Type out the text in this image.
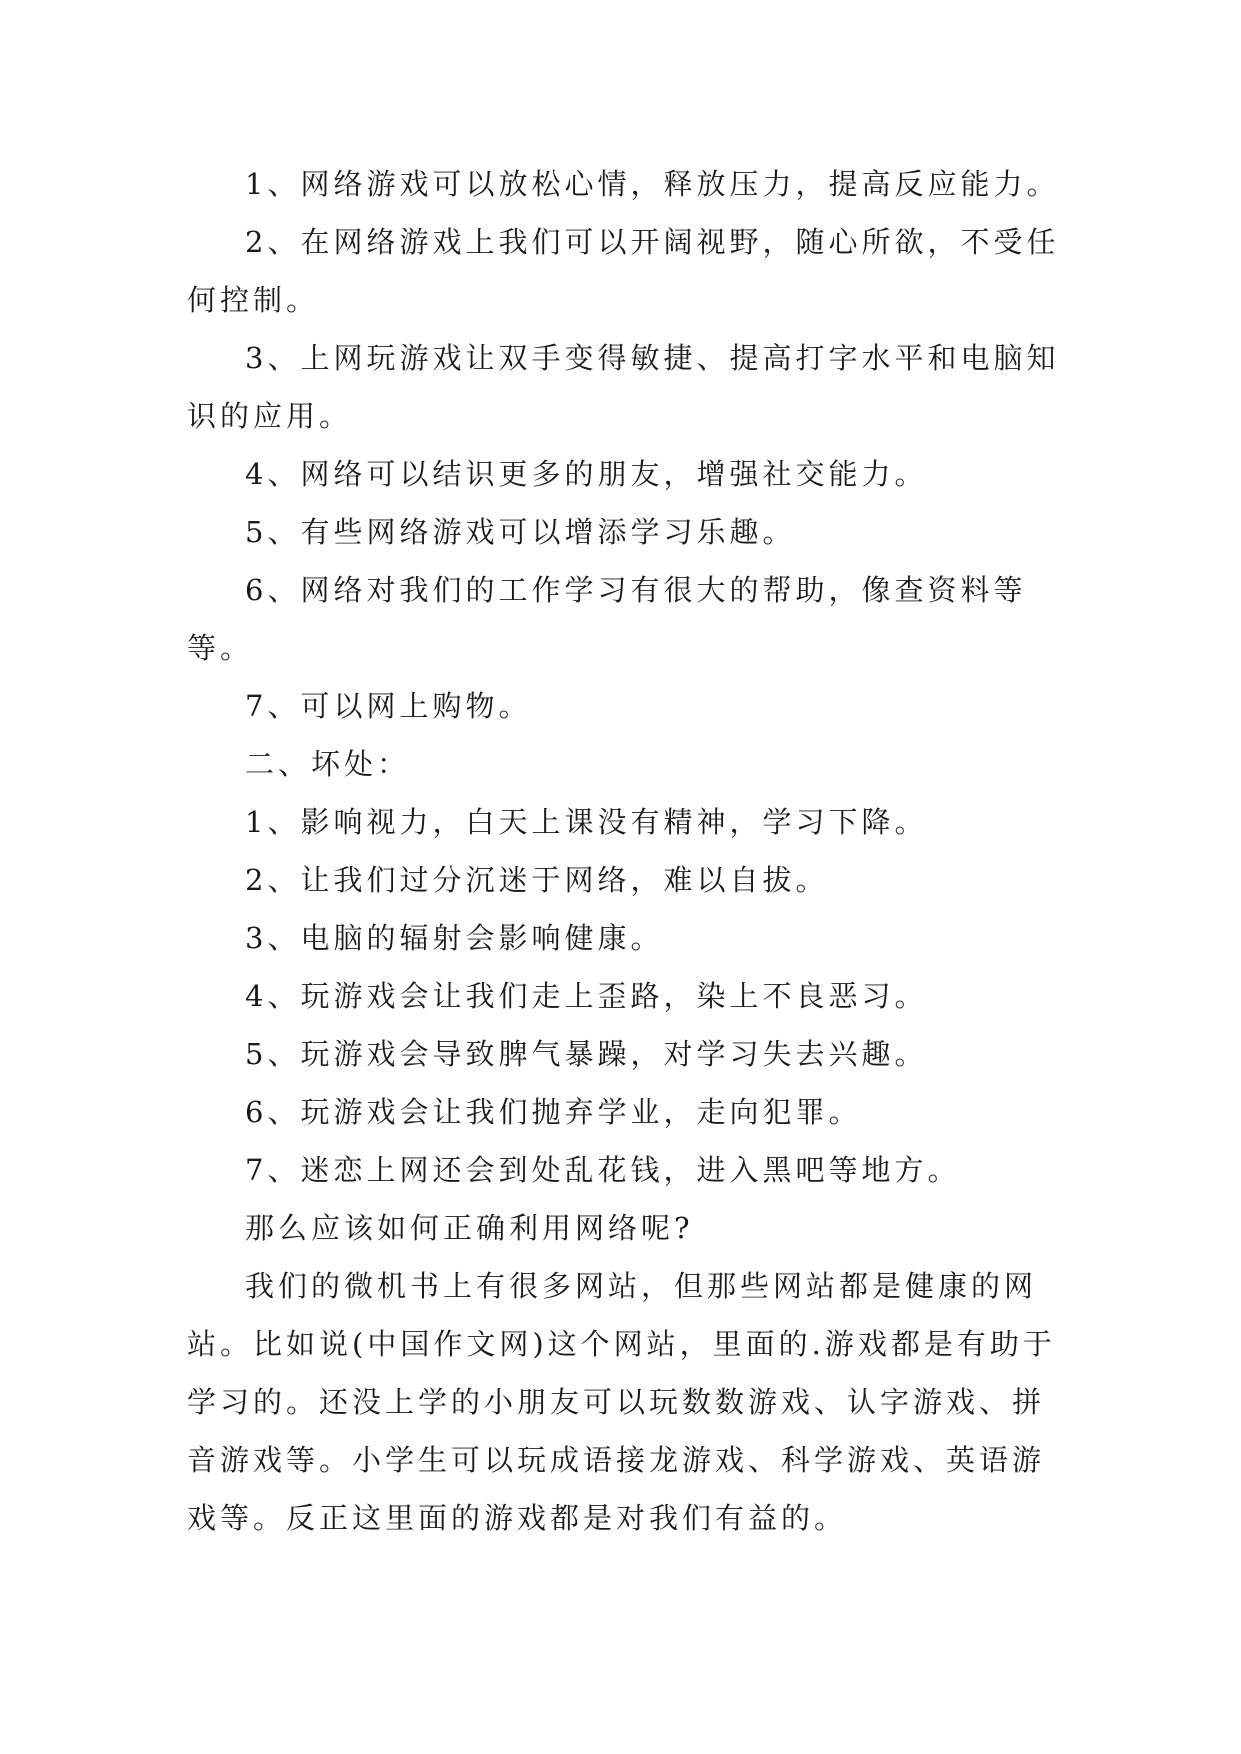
1、网络游戏可以放松心情，释放压力，提高反应能力。

2、在网络游戏上我们可以开阔视野，随心所欲，不受任何控制。

3、上网玩游戏让双手变得敏捷、提高打字水平和电脑知识的应用。

4、网络可以结识更多的朋友，增强社交能力。

5、有些网络游戏可以增添学习乐趣。

6、网络对我们的工作学习有很大的帮助，像查资料等等。

7、可以网上购物。

二、坏处：

1、影响视力，白天上课没有精神，学习下降。

2、让我们过分沉迷于网络，难以自拔。

3、电脑的辐射会影响健康。

4、玩游戏会让我们走上歪路，染上不良恶习。

5、玩游戏会导致脾气暴躁，对学习失去兴趣。

6、玩游戏会让我们抛弃学业，走向犯罪。

7、迷恋上网还会到处乱花钱，进入黑吧等地方。

那么应该如何正确利用网络呢?

我们的微机书上有很多网站，但那些网站都是健康的网站。比如说(中国作文网)这个网站，里面的.游戏都是有助于学习的。还没上学的小朋友可以玩数数游戏、认字游戏、拼音游戏等。小学生可以玩成语接龙游戏、科学游戏、英语游戏等。反正这里面的游戏都是对我们有益的。
